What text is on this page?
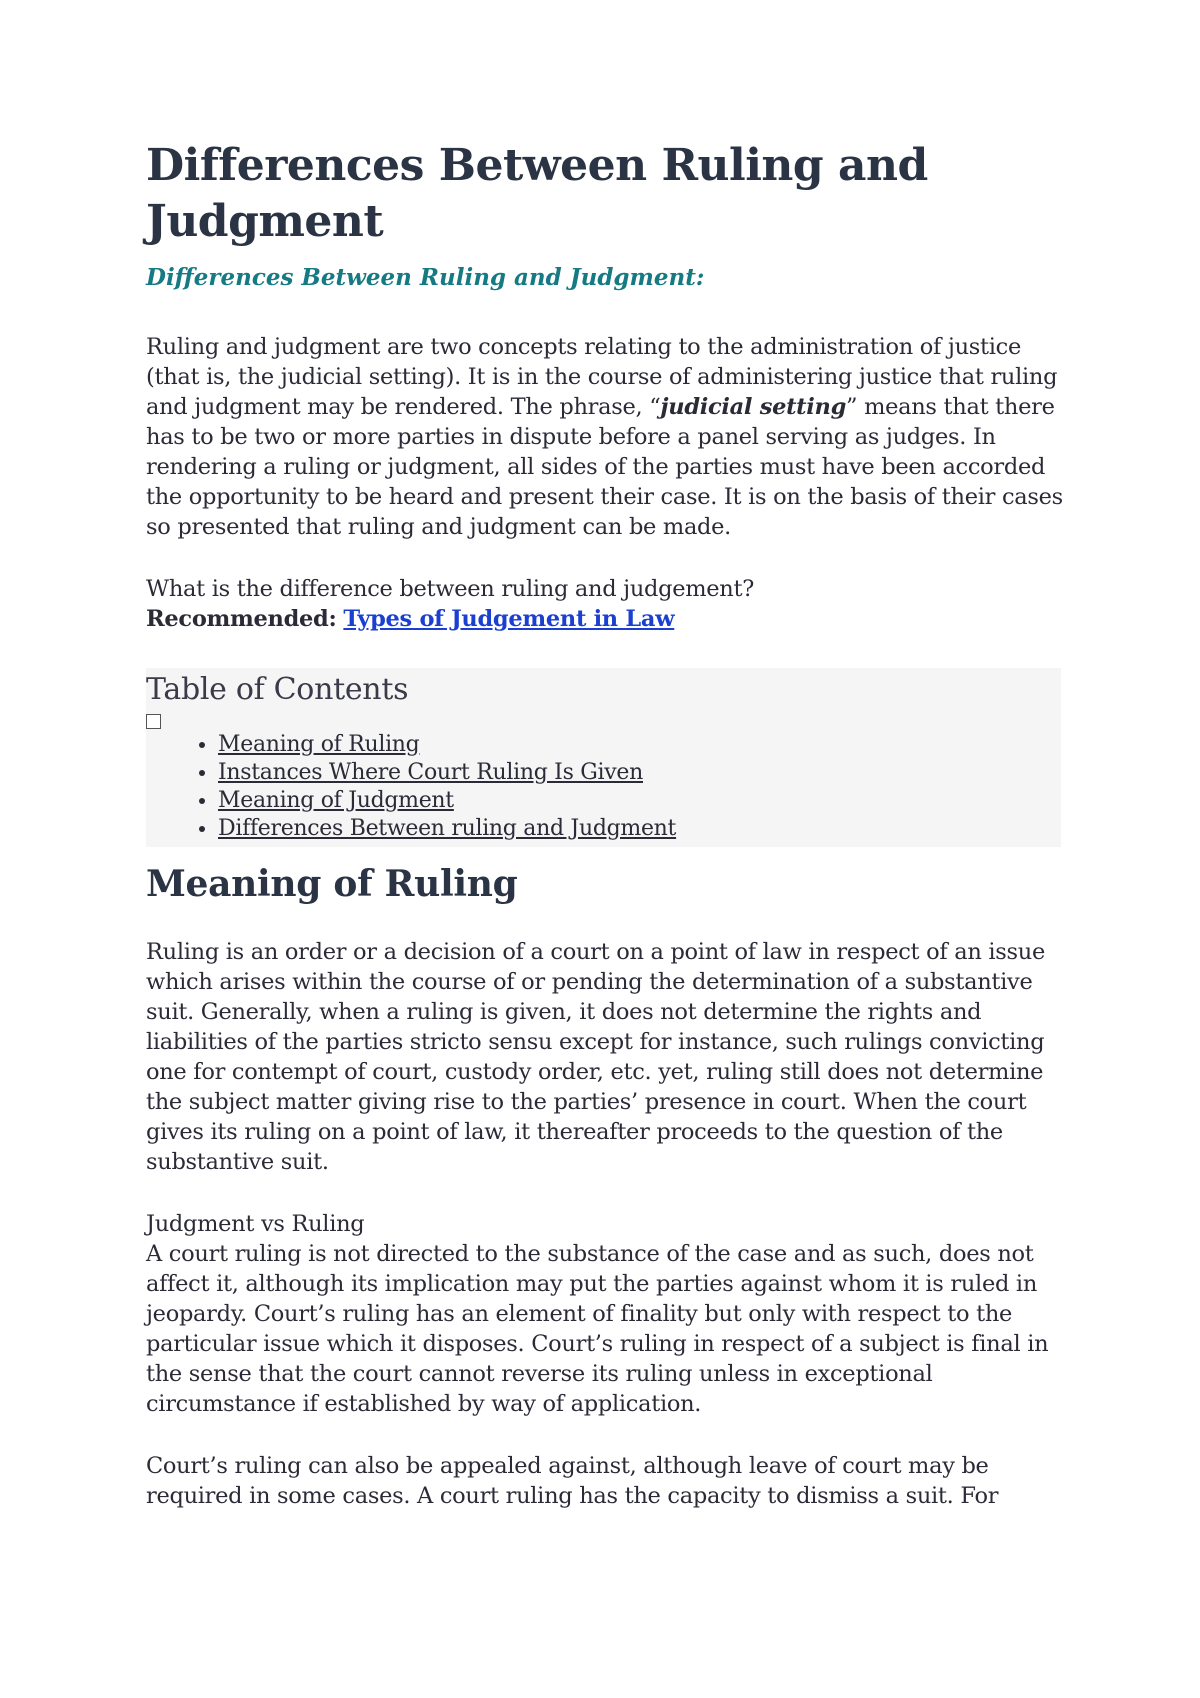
Differences Between Ruling and Judgment
Differences Between Ruling and Judgment:

Ruling and judgment are two concepts relating to the administration of justice (that is, the judicial setting). It is in the course of administering justice that ruling and judgment may be rendered. The phrase, “judicial setting” means that there has to be two or more parties in dispute before a panel serving as judges. In rendering a ruling or judgment, all sides of the parties must have been accorded the opportunity to be heard and present their case. It is on the basis of their cases so presented that ruling and judgment can be made.

What is the difference between ruling and judgement?
Recommended: Types of Judgement in Law
Table of Contents
• Meaning of Ruling
• Instances Where Court Ruling Is Given
• Meaning of Judgment
• Differences Between ruling and Judgment
Meaning of Ruling

Ruling is an order or a decision of a court on a point of law in respect of an issue which arises within the course of or pending the determination of a substantive suit. Generally, when a ruling is given, it does not determine the rights and liabilities of the parties stricto sensu except for instance, such rulings convicting one for contempt of court, custody order, etc. yet, ruling still does not determine the subject matter giving rise to the parties’ presence in court. When the court gives its ruling on a point of law, it thereafter proceeds to the question of the substantive suit.

Judgment vs Ruling

A court ruling is not directed to the substance of the case and as such, does not affect it, although its implication may put the parties against whom it is ruled in jeopardy. Court’s ruling has an element of finality but only with respect to the particular issue which it disposes. Court’s ruling in respect of a subject is final in the sense that the court cannot reverse its ruling unless in exceptional circumstance if established by way of application.

Court’s ruling can also be appealed against, although leave of court may be required in some cases. A court ruling has the capacity to dismiss a suit. For
